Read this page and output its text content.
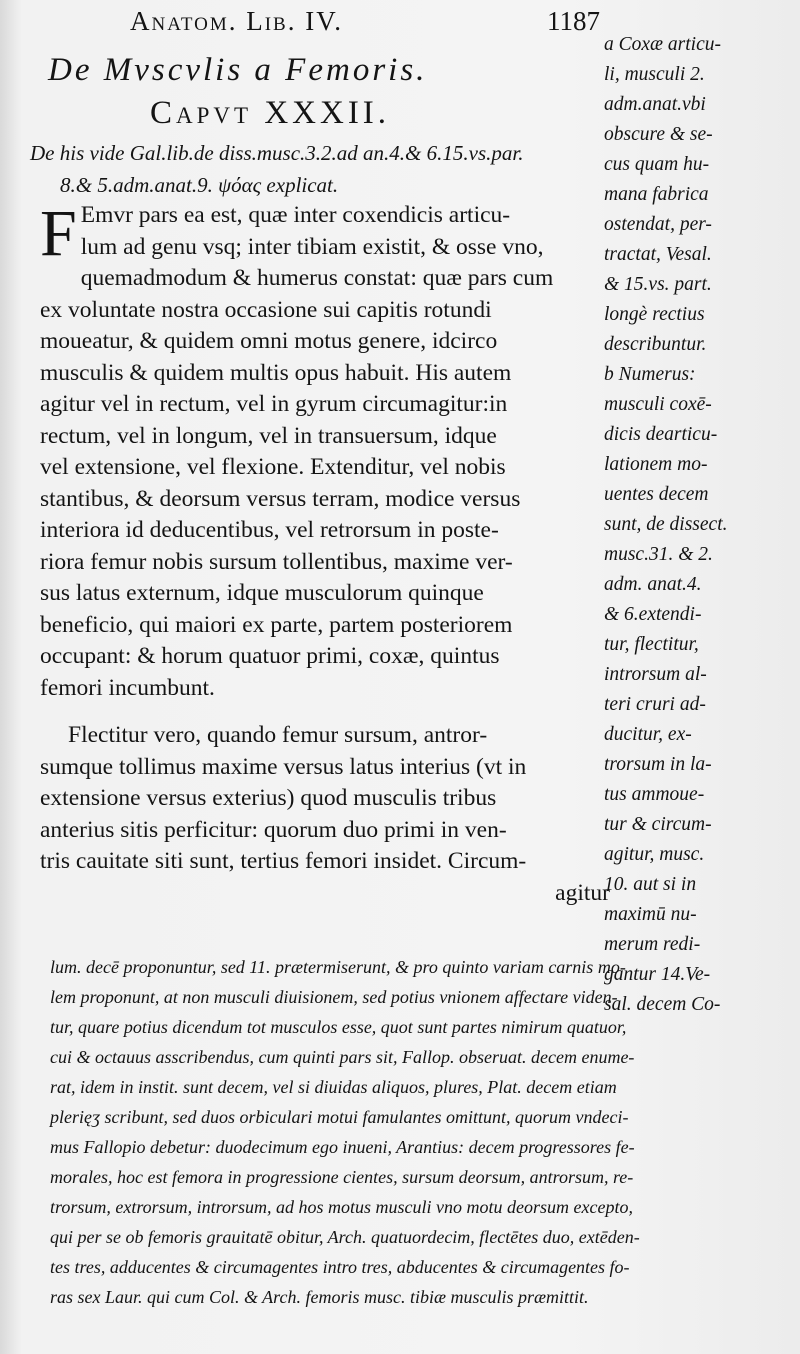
Anatom. Lib. IV.	1187
De Mvscvlis a Femoris.
Capvt XXXII.
De his vide Gal.lib.de diss.musc.3.2.ad an.4.& 6.15.vs.par.
8.& 5.adm.anat.9. ψόας explicat.
F Emvr pars ea est, quæ inter coxendicis articu-
lum ad genu vsq; inter tibiam existit, & osse vno,
quemadmodum & humerus constat: quæ pars cum
ex voluntate nostra occasione sui capitis rotundi
moueatur, & quidem omni motus genere, idcirco
musculis & quidem multis opus habuit. His autem
agitur vel in rectum, vel in gyrum circumagitur:in
rectum, vel in longum, vel in transuersum, idque
vel extensione, vel flexione. Extenditur, vel nobis
stantibus, & deorsum versus terram, modice versus
interiora id deducentibus, vel retrorsum in poste-
riora femur nobis sursum tollentibus, maxime ver-
sus latus externum, idque musculorum quinque
beneficio, qui maiori ex parte, partem posteriorem
occupant: & horum quatuor primi, coxæ, quintus
femori incumbunt.
Flectitur vero, quando femur sursum, antror-
sumque tollimus maxime versus latus interius (vt in
extensione versus exterius) quod musculis tribus
anterius sitis perficitur: quorum duo primi in ven-
tris cauitate siti sunt, tertius femori insidet. Circum-
agitur
a Coxæ articu-
li, musculi 2.
adm.anat.vbi
obscure & se-
cus quam hu-
mana fabrica
ostendat, per-
tractat, Vesal.
& 15.vs. part.
longè rectius
describuntur.
b Numerus:
musculi coxē-
dicis dearticu-
lationem mo-
uentes decem
sunt, de dissect.
musc.31. & 2.
adm. anat.4.
& 6.extendi-
tur, flectitur,
introrsum al-
teri cruri ad-
ducitur, ex-
trorsum in la-
tus ammoue-
tur & circum-
agitur, musc.
10. aut si in
maximū nu-
merum redi-
gantur 14.Ve-
sal. decem Co-
lum. decē proponuntur, sed 11. prætermiserunt, & pro quinto variam carnis mo-
lem proponunt, at non musculi diuisionem, sed potius vnionem affectare viden-
tur, quare potius dicendum tot musculos esse, quot sunt partes nimirum quatuor,
cui & octauus asscribendus, cum quinti pars sit, Fallop. obseruat. decem enume-
rat, idem in instit. sunt decem, vel si diuidas aliquos, plures, Plat. decem etiam
plerięʒ scribunt, sed duos orbiculari motui famulantes omittunt, quorum vndeci-
mus Fallopio debetur: duodecimum ego inueni, Arantius: decem progressores fe-
morales, hoc est femora in progressione cientes, sursum deorsum, antrorsum, re-
trorsum, extrorsum, introrsum, ad hos motus musculi vno motu deorsum excepto,
qui per se ob femoris grauitatē obitur, Arch. quatuordecim, flectētes duo, extēden-
tes tres, adducentes & circumagentes intro tres, abducentes & circumagentes fo-
ras sex Laur. qui cum Col. & Arch. femoris musc. tibiæ musculis præmittit.
